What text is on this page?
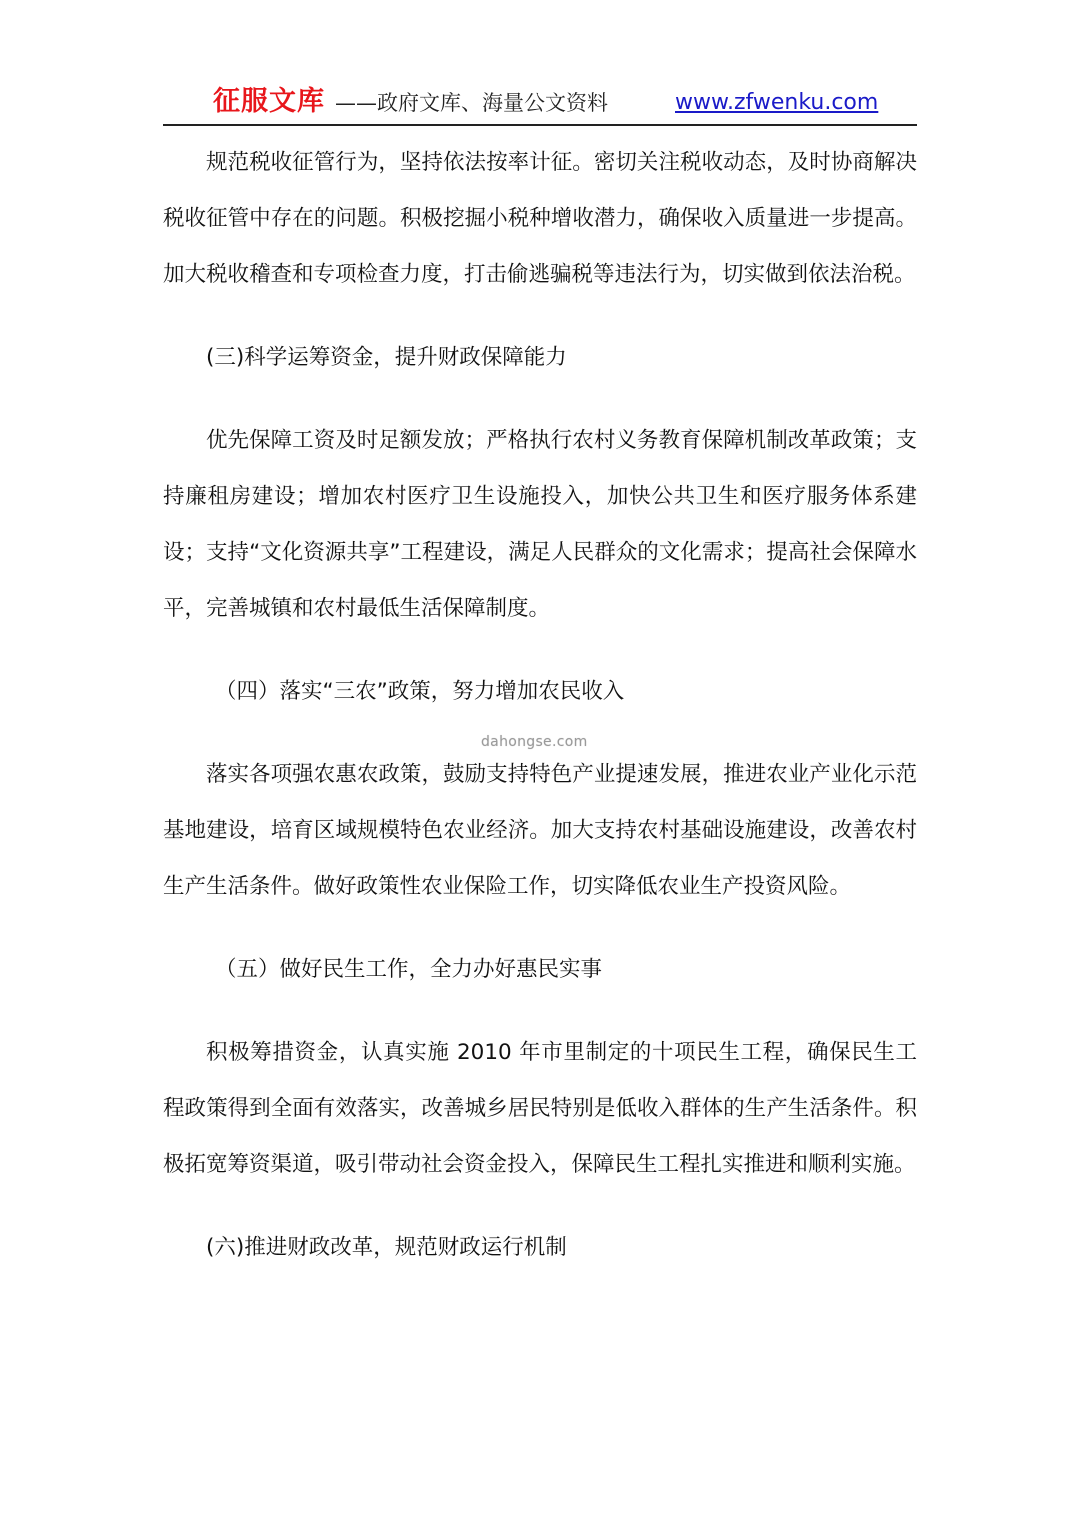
征服文库 ——政府文库、海量公文资料	www.zfwenku.com

规范税收征管行为，坚持依法按率计征。密切关注税收动态，及时协商解决税收征管中存在的问题。积极挖掘小税种增收潜力，确保收入质量进一步提高。加大税收稽查和专项检查力度，打击偷逃骗税等违法行为，切实做到依法治税。

(三)科学运筹资金，提升财政保障能力

优先保障工资及时足额发放；严格执行农村义务教育保障机制改革政策；支持廉租房建设；增加农村医疗卫生设施投入，加快公共卫生和医疗服务体系建设；支持“文化资源共享”工程建设，满足人民群众的文化需求；提高社会保障水平，完善城镇和农村最低生活保障制度。

（四）落实“三农”政策，努力增加农民收入

落实各项强农惠农政策，鼓励支持特色产业提速发展，推进农业产业化示范基地建设，培育区域规模特色农业经济。加大支持农村基础设施建设，改善农村生产生活条件。做好政策性农业保险工作，切实降低农业生产投资风险。

（五）做好民生工作，全力办好惠民实事

积极筹措资金，认真实施 2010 年市里制定的十项民生工程，确保民生工程政策得到全面有效落实，改善城乡居民特别是低收入群体的生产生活条件。积极拓宽筹资渠道，吸引带动社会资金投入，保障民生工程扎实推进和顺利实施。

(六)推进财政改革，规范财政运行机制

dahongse.com
